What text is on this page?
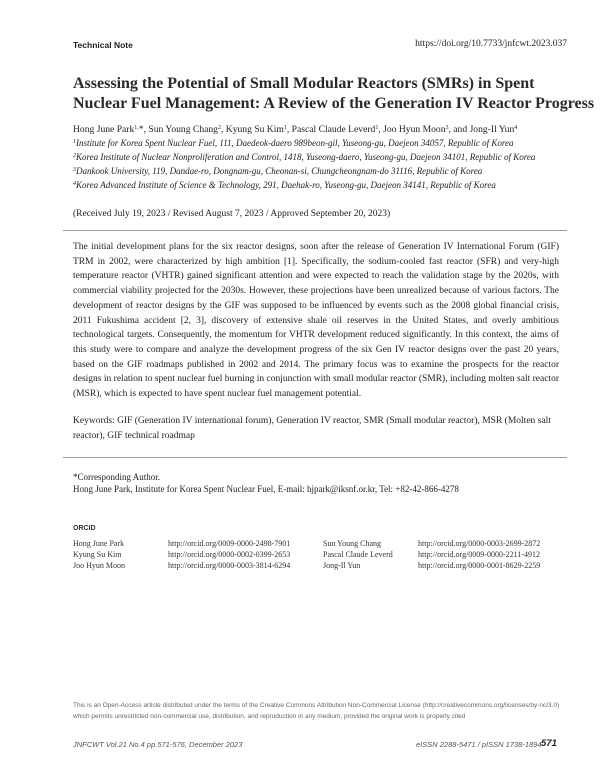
Technical Note	https://doi.org/10.7733/jnfcwt.2023.037
Assessing the Potential of Small Modular Reactors (SMRs) in Spent
Nuclear Fuel Management: A Review of the Generation IV Reactor Progress
Hong June Park$^{1,}$*, Sun Young Chang$^2$, Kyung Su Kim$^1$, Pascal Claude Leverd$^1$, Joo Hyun Moon$^3$, and Jong-Il Yun$^4$
$^1$Institute for Korea Spent Nuclear Fuel, 111, Daedeok-daero 989beon-gil, Yuseong-gu, Daejeon 34057, Republic of Korea
$^2$Korea Institute of Nuclear Nonproliferation and Control, 1418, Yuseong-daero, Yuseong-gu, Daejeon 34101, Republic of Korea
$^3$Dankook University, 119, Dandae-ro, Dongnam-gu, Cheonan-si, Chungcheongnam-do 31116, Republic of Korea
$^4$Korea Advanced Institute of Science & Technology, 291, Daehak-ro, Yuseong-gu, Daejeon 34141, Republic of Korea
(Received July 19, 2023 / Revised August 7, 2023 / Approved September 20, 2023)

The initial development plans for the six reactor designs, soon after the release of Generation IV International Forum (GIF) TRM in 2002, were characterized by high ambition [1]. Specifically, the sodium-cooled fast reactor (SFR) and very-high temperature reactor (VHTR) gained significant attention and were expected to reach the validation stage by the 2020s, with commercial viability projected for the 2030s. However, these projections have been unrealized because of various factors. The development of reactor designs by the GIF was supposed to be influenced by events such as the 2008 global financial crisis, 2011 Fukushima accident [2, 3], discovery of extensive shale oil reserves in the United States, and overly ambitious technological targets. Consequently, the momentum for VHTR development reduced significantly. In this context, the aims of this study were to compare and analyze the development progress of the six Gen IV reactor designs over the past 20 years, based on the GIF roadmaps published in 2002 and 2014. The primary focus was to examine the prospects for the reactor designs in relation to spent nuclear fuel burning in conjunction with small modular reactor (SMR), including molten salt reactor (MSR), which is expected to have spent nuclear fuel management potential.

Keywords: GIF (Generation IV international forum), Generation IV reactor, SMR (Small modular reactor), MSR (Molten salt reactor), GIF technical roadmap

*Corresponding Author.
Hong June Park, Institute for Korea Spent Nuclear Fuel, E-mail: hjpark@iksnf.or.kr, Tel: +82-42-866-4278
ORCID
Hong June Park	http://orcid.org/0009-0000-2498-7901	Sun Young Chang	http://orcid.org/0000-0003-2699-2872
Kyung Su Kim	http://orcid.org/0000-0002-0399-2653	Pascal Claude Leverd	http://orcid.org/0009-0000-2211-4912
Joo Hyun Moon	http://orcid.org/0000-0003-3814-6294	Jong-Il Yun	http://orcid.org/0000-0001-8629-2259
This is an Open-Access article distributed under the terms of the Creative Commons Attribution Non-Commercial License (http://creativecommons.org/licenses/by-nc/3.0) which permits unrestricted non-commercial use, distribution, and reproduction in any medium, provided the original work is properly cited
JNFCWT Vol.21 No.4 pp.571-576, December 2023	eISSN 2288-5471 / pISSN 1738-1894 571
